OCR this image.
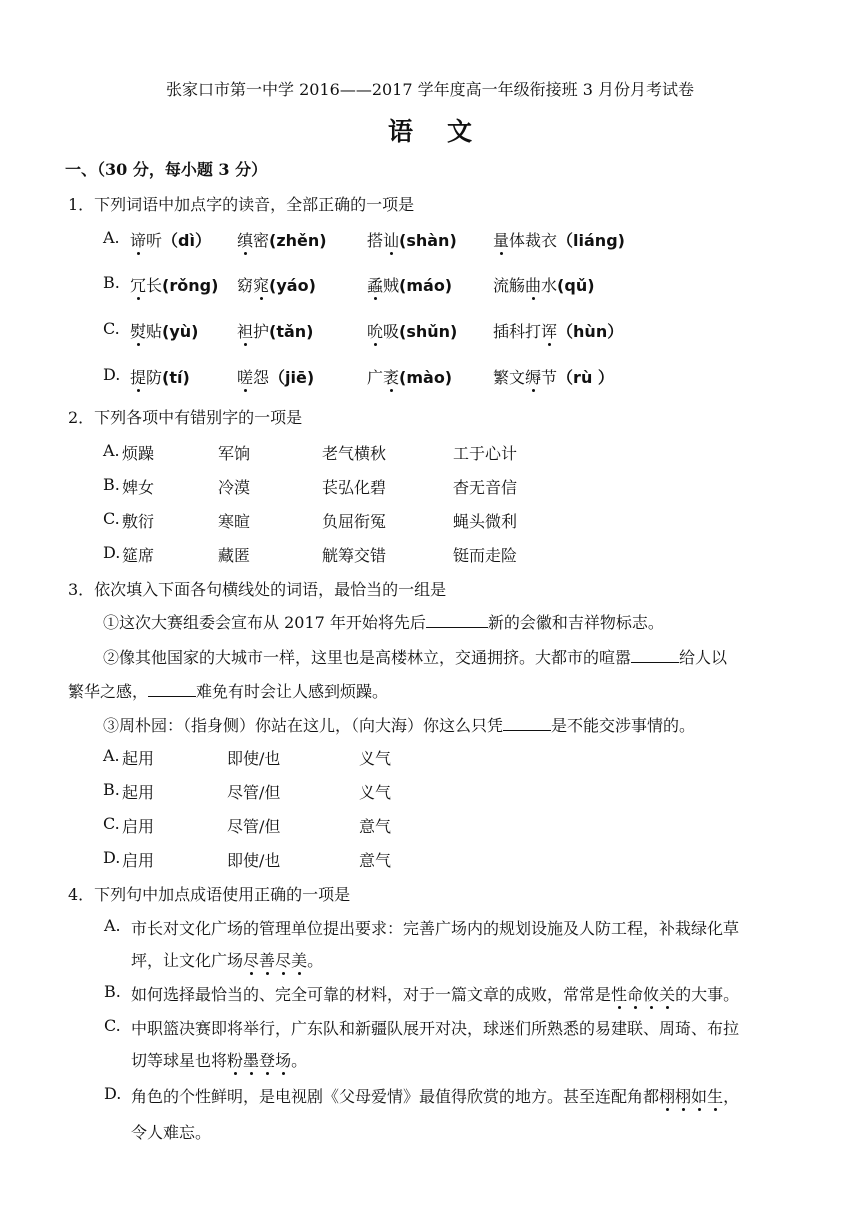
张家口市第一中学 2016——2017 学年度高一年级衔接班 3 月份月考试卷
语 文
一、（30 分，每小题 3 分）
1．下列词语中加点字的读音，全部正确的一项是
A. 谛听（dì） 缜密(zhěn)	搭讪(shàn) 量体裁衣（liáng)
B. 冗长(rǒng) 窈窕(yáo)	蟊贼(máo)	流觞曲水(qǔ)
C. 熨贴(yù) 袒护(tǎn)	吮吸(shǔn) 插科打诨（hùn）
D. 提防(tí)	嗟怨（jiē)	广袤(mào)	繁文缛节（rù ）
2．下列各项中有错别字的一项是
A. 烦躁	军饷	老气横秋	工于心计
B. 婢女	冷漠	苌弘化碧	杳无音信
C. 敷衍	寒暄	负屈衔冤	蝇头微利
D. 筵席	藏匿	觥筹交错	铤而走险
3．依次填入下面各句横线处的词语，最恰当的一组是
①这次大赛组委会宣布从 2017 年开始将先后	新的会徽和吉祥物标志。
②像其他国家的大城市一样，这里也是高楼林立，交通拥挤。大都市的喧嚣	给人以
繁华之感，	难免有时会让人感到烦躁。
③周朴园：（指身侧）你站在这儿，（向大海）你这么只凭	是不能交涉事情的。
A. 起用	即使/也	义气
B. 起用	尽管/但	义气
C. 启用	尽管/但	意气
D. 启用	即使/也	意气
4．下列句中加点成语使用正确的一项是
A. 市长对文化广场的管理单位提出要求：完善广场内的规划设施及人防工程，补栽绿化草
坪，让文化广场尽善尽美。
B. 如何选择最恰当的、完全可靠的材料，对于一篇文章的成败，常常是性命攸关的大事。
C. 中职篮决赛即将举行，广东队和新疆队展开对决，球迷们所熟悉的易建联、周琦、布拉
切等球星也将粉墨登场。
D. 角色的个性鲜明，是电视剧《父母爱情》最值得欣赏的地方。甚至连配角都栩栩如生，
令人难忘。
